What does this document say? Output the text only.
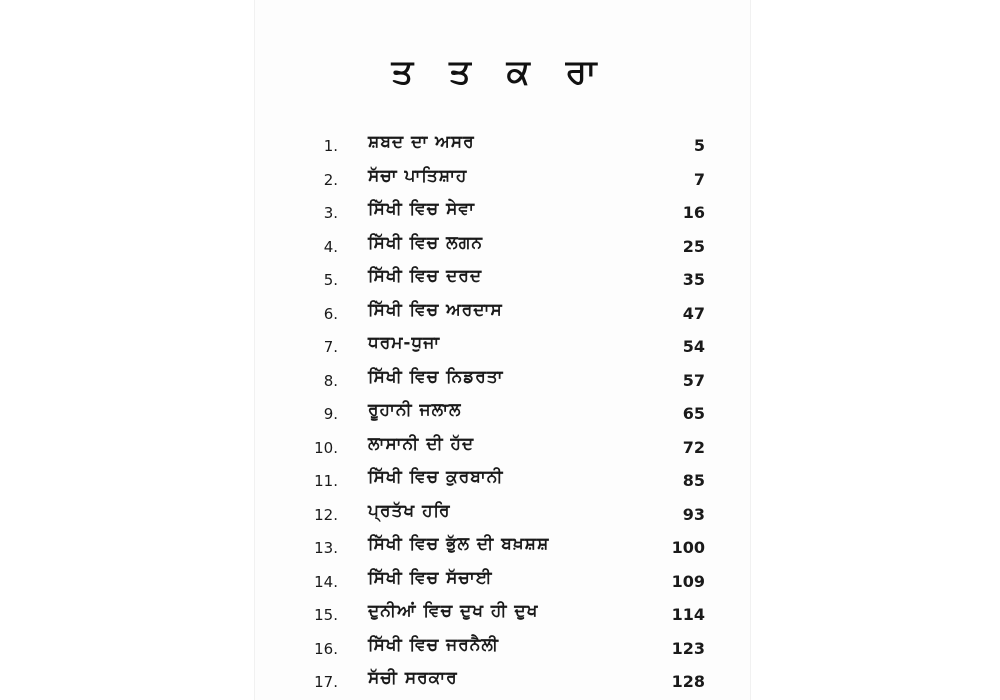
ਤ ਤ ਕ ਰਾ
1. ਸ਼ਬਦ ਦਾ ਅਸਰ	5
2. ਸੱਚਾ ਪਾਤਿਸ਼ਾਹ	7
3. ਸਿੱਖੀ ਵਿਚ ਸੇਵਾ	16
4. ਸਿੱਖੀ ਵਿਚ ਲਗਨ	25
5. ਸਿੱਖੀ ਵਿਚ ਦਰਦ	35
6. ਸਿੱਖੀ ਵਿਚ ਅਰਦਾਸ	47
7. ਧਰਮ-ਧੁਜਾ	54
8. ਸਿੱਖੀ ਵਿਚ ਨਿਡਰਤਾ	57
9. ਰੂਹਾਨੀ ਜਲਾਲ	65
10. ਲਾਸਾਨੀ ਦੀ ਹੱਦ	72
11. ਸਿੱਖੀ ਵਿਚ ਕੁਰਬਾਨੀ	85
12. ਪ੍ਰਤੱਖ ਹਰਿ	93
13. ਸਿੱਖੀ ਵਿਚ ਭੁੱਲ ਦੀ ਬਖ਼ਸ਼ਸ਼	100
14. ਸਿੱਖੀ ਵਿਚ ਸੱਚਾਈ	109
15. ਦੁਨੀਆਂ ਵਿਚ ਦੁਖ ਹੀ ਦੁਖ	114
16. ਸਿੱਖੀ ਵਿਚ ਜਰਨੈਲੀ	123
17. ਸੱਚੀ ਸਰਕਾਰ	128
